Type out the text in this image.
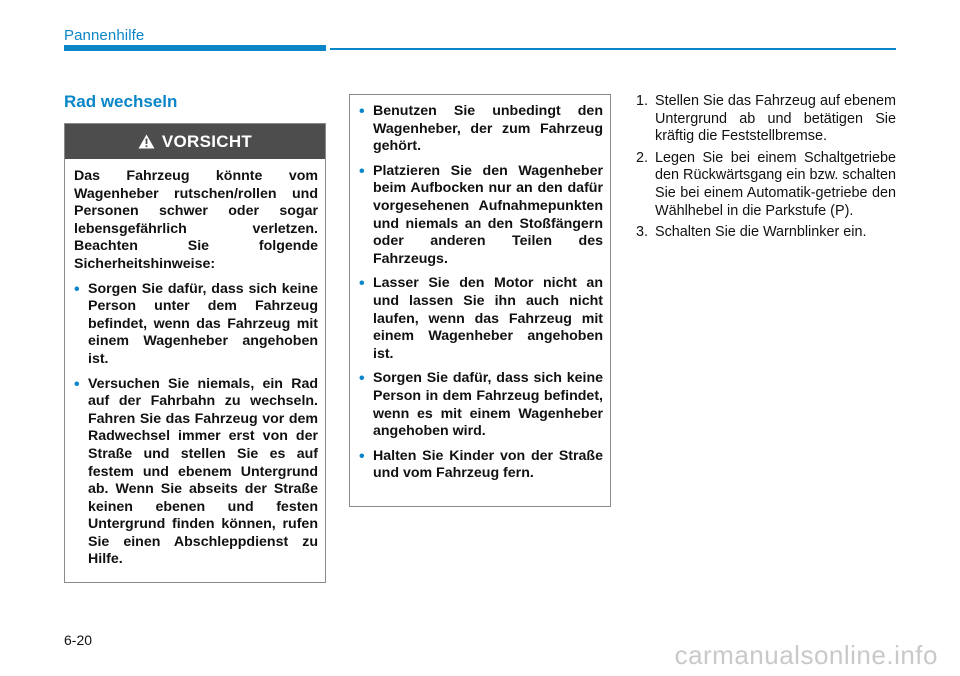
Pannenhilfe
Rad wechseln
VORSICHT

Das Fahrzeug könnte vom Wagenheber rutschen/rollen und Personen schwer oder sogar lebensgefährlich verletzen. Beachten Sie folgende Sicherheitshinweise:

• Sorgen Sie dafür, dass sich keine Person unter dem Fahrzeug befindet, wenn das Fahrzeug mit einem Wagenheber angehoben ist.
• Versuchen Sie niemals, ein Rad auf der Fahrbahn zu wechseln. Fahren Sie das Fahrzeug vor dem Radwechsel immer erst von der Straße und stellen Sie es auf festem und ebenem Untergrund ab. Wenn Sie abseits der Straße keinen ebenen und festen Untergrund finden können, rufen Sie einen Abschleppdienst zu Hilfe.
• Benutzen Sie unbedingt den Wagenheber, der zum Fahrzeug gehört.
• Platzieren Sie den Wagenheber beim Aufbocken nur an den dafür vorgesehenen Aufnahmepunkten und niemals an den Stoßfängern oder anderen Teilen des Fahrzeugs.
• Lasser Sie den Motor nicht an und lassen Sie ihn auch nicht laufen, wenn das Fahrzeug mit einem Wagenheber angehoben ist.
• Sorgen Sie dafür, dass sich keine Person in dem Fahrzeug befindet, wenn es mit einem Wagenheber angehoben wird.
• Halten Sie Kinder von der Straße und vom Fahrzeug fern.
1. Stellen Sie das Fahrzeug auf ebenem Untergrund ab und betätigen Sie kräftig die Feststellbremse.
2. Legen Sie bei einem Schaltgetriebe den Rückwärtsgang ein bzw. schalten Sie bei einem Automatik-getriebe den Wählhebel in die Parkstufe (P).
3. Schalten Sie die Warnblinker ein.
6-20	carmanualsonline.info
